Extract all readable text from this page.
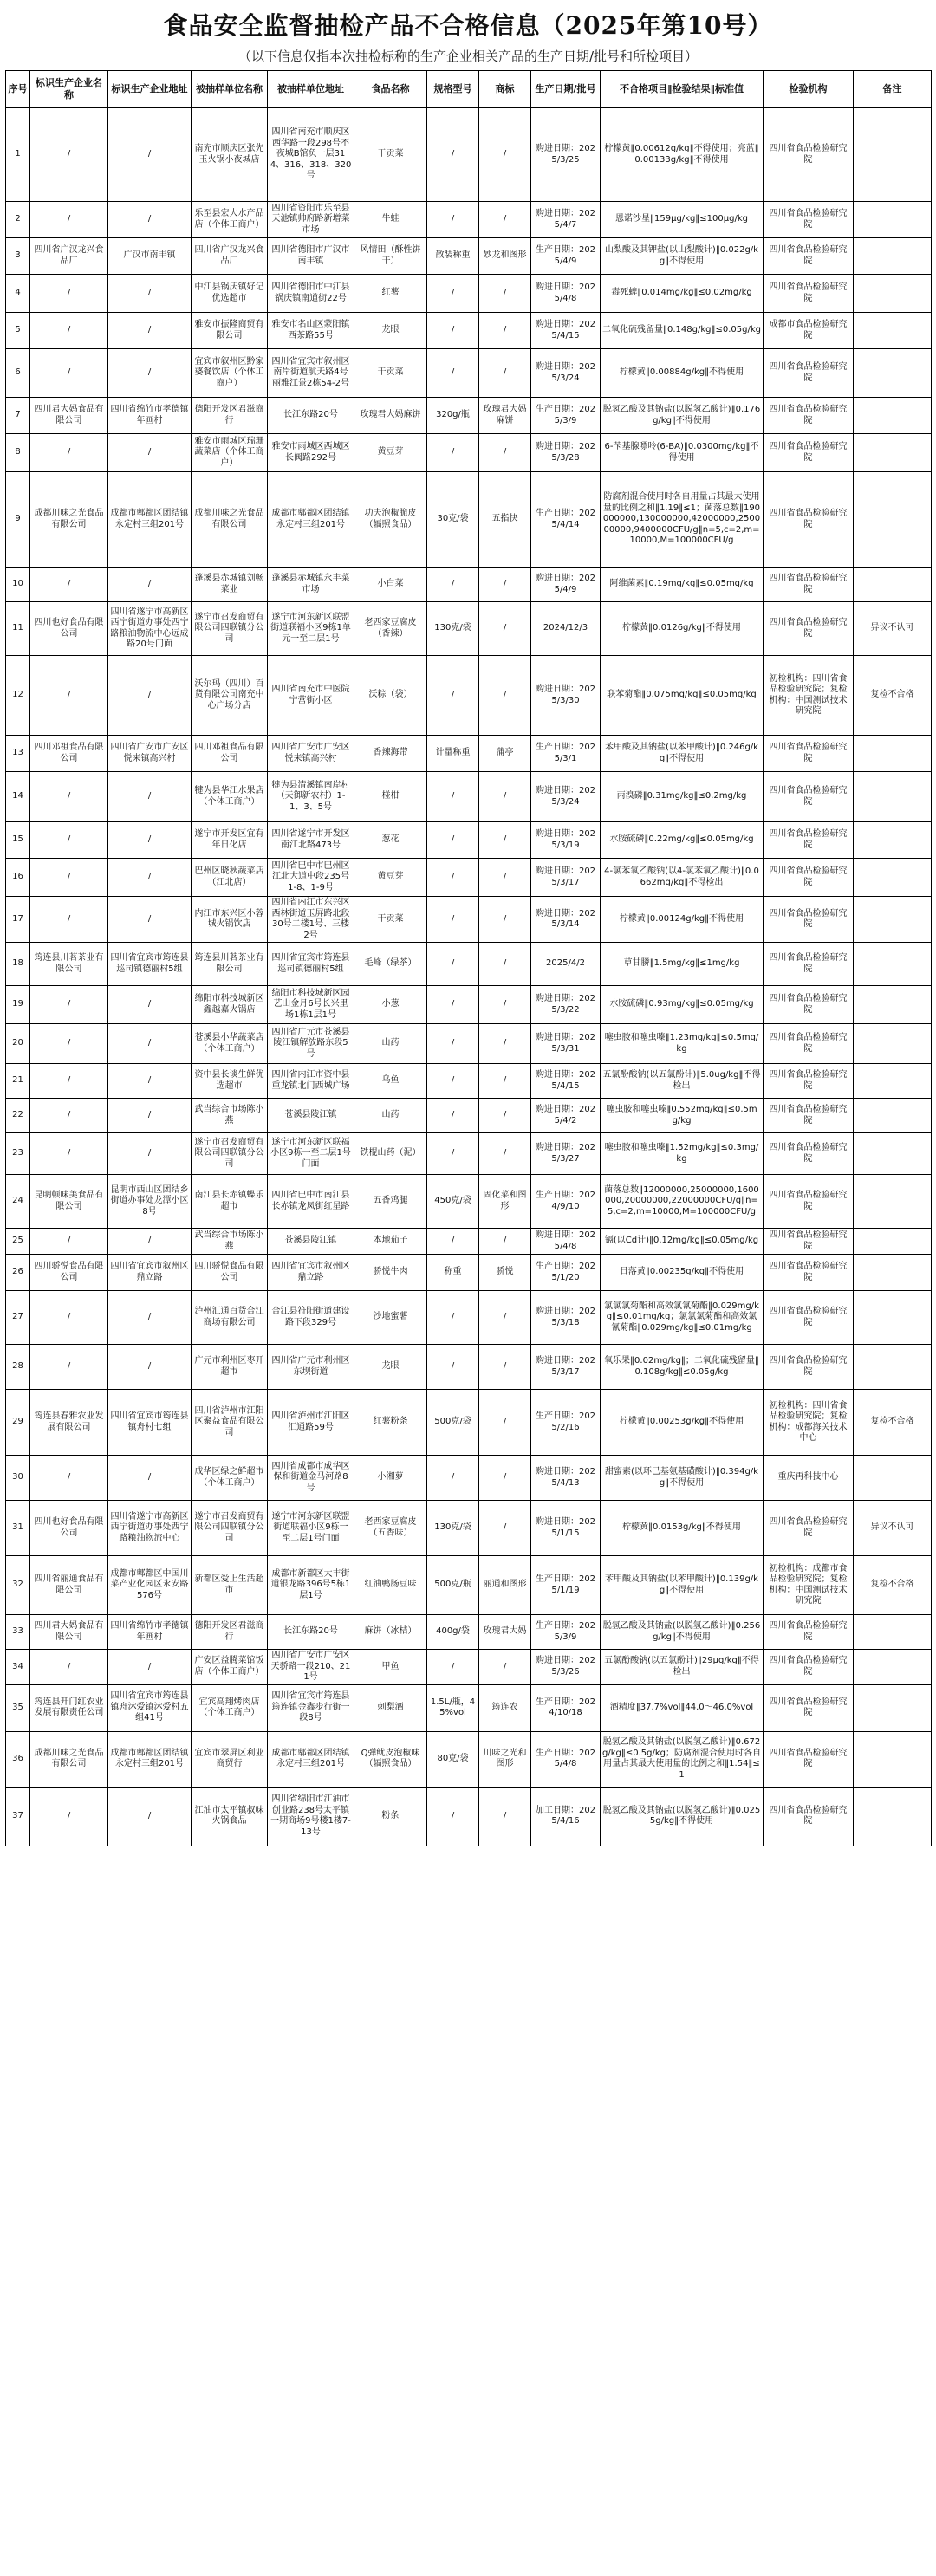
食品安全监督抽检产品不合格信息（2025年第10号）
（以下信息仅指本次抽检标称的生产企业相关产品的生产日期/批号和所检项目）
序号	标识生产企业名称	标识生产企业地址	被抽样单位名称	被抽样单位地址	食品名称	规格型号	商标	生产日期/批号	不合格项目‖检验结果‖标准值	检验机构	备注
1	/	/	南充市顺庆区张先玉火锅小夜城店	四川省南充市顺庆区西华路一段298号不夜城B馆负一层314、316、318、320号	干贡菜	/	/	购进日期：2025/3/25	柠檬黄‖0.00612g/kg‖不得使用；亮蓝‖0.00133g/kg‖不得使用	四川省食品检验研究院	
2	/	/	乐至县宏大水产品店（个体工商户）	四川省资阳市乐至县天池镇帅府路新增菜市场	牛蛙	/	/	购进日期：2025/4/7	恩诺沙星‖159μg/kg‖≤100μg/kg	四川省食品检验研究院	
3	四川省广汉龙兴食品厂	广汉市南丰镇	四川省广汉龙兴食品厂	四川省德阳市广汉市南丰镇	风情田（酥性饼干）	散装称重	妙龙和图形	生产日期：2025/4/9	山梨酸及其钾盐(以山梨酸计)‖0.022g/kg‖不得使用	四川省食品检验研究院	
4	/	/	中江县锅庆镇好记优选超市	四川省德阳市中江县锅庆镇南道街22号	红薯	/	/	购进日期：2025/4/8	毒死蜱‖0.014mg/kg‖≤0.02mg/kg	四川省食品检验研究院	
5	/	/	雅安市振隆商贸有限公司	雅安市名山区蒙阳镇西茶路55号	龙眼	/	/	购进日期：2025/4/15	二氧化硫残留量‖0.148g/kg‖≤0.05g/kg	成都市食品检验研究院	
6	/	/	宜宾市叙州区黔家婆餐饮店（个体工商户）	四川省宜宾市叙州区南岸街道航天路4号丽雅江景2栋54-2号	干贡菜	/	/	购进日期：2025/3/24	柠檬黄‖0.00884g/kg‖不得使用	四川省食品检验研究院	
7	四川君大妈食品有限公司	四川省绵竹市孝德镇年画村	德阳开发区君滋商行	长江东路20号	玫瑰君大妈麻饼	320g/瓶	玫瑰君大妈麻饼	生产日期：2025/3/9	脱氢乙酸及其钠盐(以脱氢乙酸计)‖0.176g/kg‖不得使用	四川省食品检验研究院	
8	/	/	雅安市雨城区瑞珊蔬菜店（个体工商户）	雅安市雨城区西城区长阀路292号	黄豆芽	/	/	购进日期：2025/3/28	6-苄基腺嘌呤(6-BA)‖0.0300mg/kg‖不得使用	四川省食品检验研究院	
9	成都川味之光食品有限公司	成都市郫都区团结镇永定村三组201号	成都川味之光食品有限公司	成都市郫都区团结镇永定村三组201号	功夫泡椒脆皮（辐照食品）	30克/袋	五指快	生产日期：2025/4/14	防腐剂混合使用时各自用量占其最大使用量的比例之和‖1.19‖≤1；菌落总数‖190000000,130000000,42000000,250000000,9400000CFU/g‖n=5,c=2,m=10000,M=100000CFU/g	四川省食品检验研究院	
10	/	/	蓬溪县赤城镇刘畅菜业	蓬溪县赤城镇永丰菜市场	小白菜	/	/	购进日期：2025/4/9	阿维菌素‖0.19mg/kg‖≤0.05mg/kg	四川省食品检验研究院	
11	四川也好食品有限公司	四川省遂宁市高新区西宁街道办事处西宁路粮油物流中心远成路20号门面	遂宁市召发商贸有限公司四联镇分公司	遂宁市河东新区联盟街道联福小区9栋1单元一至二层1号	老西家豆腐皮（香辣）	130克/袋	/	2024/12/3	柠檬黄‖0.0126g/kg‖不得使用	四川省食品检验研究院	异议不认可
12	/	/	沃尔玛（四川）百货有限公司南充中心广场分店	四川省南充市中医院宁营街小区	沃粽（袋）	/	/	购进日期：2025/3/30	联苯菊酯‖0.075mg/kg‖≤0.05mg/kg	初检机构：四川省食品检验研究院；复检机构：中国测试技术研究院	复检不合格
13	四川邓祖食品有限公司	四川省广安市广安区悦来镇高兴村	四川邓祖食品有限公司	四川省广安市广安区悦来镇高兴村	香辣海带	计量称重	蒲亭	生产日期：2025/3/1	苯甲酸及其钠盐(以苯甲酸计)‖0.246g/kg‖不得使用	四川省食品检验研究院	
14	/	/	犍为县华江水果店（个体工商户）	犍为县清溪镇南岸村（天御新农村）1-1、3、5号	椪柑	/	/	购进日期：2025/3/24	丙溴磷‖0.31mg/kg‖≤0.2mg/kg	四川省食品检验研究院	
15	/	/	遂宁市开发区宜有年日化店	四川省遂宁市开发区南江北路473号	葱花	/	/	购进日期：2025/3/19	水胺硫磷‖0.22mg/kg‖≤0.05mg/kg	四川省食品检验研究院	
16	/	/	巴州区晓秋蔬菜店（江北店）	四川省巴中市巴州区江北大道中段235号1-8、1-9号	黄豆芽	/	/	购进日期：2025/3/17	4-氯苯氧乙酸钠(以4-氯苯氧乙酸计)‖0.0662mg/kg‖不得检出	四川省食品检验研究院	
17	/	/	内江市东兴区小蓉城火锅饮店	四川省内江市东兴区西林街道玉屏路北段30号二楼1号、三楼2号	干贡菜	/	/	购进日期：2025/3/14	柠檬黄‖0.00124g/kg‖不得使用	四川省食品检验研究院	
18	筠连县川茗茶业有限公司	四川省宜宾市筠连县巡司镇德丽村5组	筠连县川茗茶业有限公司	四川省宜宾市筠连县巡司镇德丽村5组	毛峰（绿茶）	/	/	2025/4/2	草甘膦‖1.5mg/kg‖≤1mg/kg	四川省食品检验研究院	
19	/	/	绵阳市科技城新区鑫越嘉火锅店	绵阳市科技城新区园艺山金月6号长兴里场1栋1层1号	小葱	/	/	购进日期：2025/3/22	水胺硫磷‖0.93mg/kg‖≤0.05mg/kg	四川省食品检验研究院	
20	/	/	苍溪县小华蔬菜店（个体工商户）	四川省广元市苍溪县陵江镇解放路东段5号	山药	/	/	购进日期：2025/3/31	噻虫胺和噻虫嗪‖1.23mg/kg‖≤0.5mg/kg	四川省食品检验研究院	
21	/	/	资中县长谈生鲜优选超市	四川省内江市资中县重龙镇北门西城广场	乌鱼	/	/	购进日期：2025/4/15	五氯酚酸钠(以五氯酚计)‖5.0ug/kg‖不得检出	四川省食品检验研究院	
22	/	/	武当综合市场陈小燕	苍溪县陵江镇	山药	/	/	购进日期：2025/4/2	噻虫胺和噻虫嗪‖0.552mg/kg‖≤0.5mg/kg	四川省食品检验研究院	
23	/	/	遂宁市召发商贸有限公司四联镇分公司	遂宁市河东新区联福小区9栋一至二层1号门面	铁棍山药（泥）	/	/	购进日期：2025/3/27	噻虫胺和噻虫嗪‖1.52mg/kg‖≤0.3mg/kg	四川省食品检验研究院	
24	昆明顿味美食品有限公司	昆明市西山区团结乡街道办事处龙潭小区8号	南江县长赤镇蝶乐超市	四川省巴中市南江县长赤镇龙凤街红星路	五香鸡腿	450克/袋	固化菜和图形	生产日期：2024/9/10	菌落总数‖12000000,25000000,1600000,20000000,22000000CFU/g‖n=5,c=2,m=10000,M=100000CFU/g	四川省食品检验研究院	
25	/	/	武当综合市场陈小燕	苍溪县陵江镇	本地茄子	/	/	购进日期：2025/4/8	镉(以Cd计)‖0.12mg/kg‖≤0.05mg/kg	四川省食品检验研究院	
26	四川骄悦食品有限公司	四川省宜宾市叙州区鼎立路	四川骄悦食品有限公司	四川省宜宾市叙州区鼎立路	骄悦牛肉	称重	骄悦	生产日期：2025/1/20	日落黄‖0.00235g/kg‖不得使用	四川省食品检验研究院	
27	/	/	泸州汇通百货合江商场有限公司	合江县符阳街道建设路下段329号	沙地蜜薯	/	/	购进日期：2025/3/18	氯氯氯菊酯和高效氯氰菊酯‖0.029mg/kg‖≤0.01mg/kg；氯氯氯菊酯和高效氯氰菊酯‖0.029mg/kg‖≤0.01mg/kg	四川省食品检验研究院	
28	/	/	广元市利州区枣开超市	四川省广元市利州区东坝街道	龙眼	/	/	购进日期：2025/3/17	氧乐果‖0.02mg/kg‖；二氧化硫残留量‖0.108g/kg‖≤0.05g/kg	四川省食品检验研究院	
29	筠连县春雅农业发展有限公司	四川省宜宾市筠连县镇舟村七组	四川省泸州市江阳区聚益食品有限公司	四川省泸州市江阳区汇通路59号	红薯粉条	500克/袋	/	生产日期：2025/2/16	柠檬黄‖0.00253g/kg‖不得使用	初检机构：四川省食品检验研究院；复检机构：成都海关技术中心	复检不合格
30	/	/	成华区绿之鲜超市（个体工商户）	四川省成都市成华区保和街道金马河路8号	小湘萝	/	/	购进日期：2025/4/13	甜蜜素(以环己基氨基磺酸计)‖0.394g/kg‖不得使用	重庆再科技中心	
31	四川也好食品有限公司	四川省遂宁市高新区西宁街道办事处西宁路粮油物流中心	遂宁市召发商贸有限公司四联镇分公司	遂宁市河东新区联盟街道联福小区9栋一至二层1号门面	老西家豆腐皮（五香味）	130克/袋	/	购进日期：2025/1/15	柠檬黄‖0.0153g/kg‖不得使用	四川省食品检验研究院	异议不认可
32	四川省丽通食品有限公司	成都市郫都区中国川菜产业化园区永安路576号	新都区爱上生活超市	成都市新都区大丰街道银龙路396号5栋1层1号	红油鸭肠豆味	500克/瓶	丽通和图形	生产日期：2025/1/19	苯甲酸及其钠盐(以苯甲酸计)‖0.139g/kg‖不得使用	初检机构：成都市食品检验研究院；复检机构：中国测试技术研究院	复检不合格
33	四川君大妈食品有限公司	四川省绵竹市孝德镇年画村	德阳开发区君滋商行	长江东路20号	麻饼（冰桔）	400g/袋	玫瑰君大妈	生产日期：2025/3/9	脱氢乙酸及其钠盐(以脱氢乙酸计)‖0.256g/kg‖不得使用	四川省食品检验研究院	
34	/	/	广安区益腾菜馆饭店（个体工商户）	四川省广安市广安区天骄路一段210、211号	甲鱼	/	/	购进日期：2025/3/26	五氯酚酸钠(以五氯酚计)‖29μg/kg‖不得检出	四川省食品检验研究院	
35	筠连县开门红农业发展有限责任公司	四川省宜宾市筠连县镇舟沐爱镇沐爱村五组41号	宜宾高翔烤肉店（个体工商户）	四川省宜宾市筠连县筠连镇金鑫步行街一段8号	刺梨酒	1.5L/瓶，45%vol	筠连农	生产日期：2024/10/18	酒精度‖37.7%vol‖44.0～46.0%vol	四川省食品检验研究院	
36	成都川味之光食品有限公司	成都市郫都区团结镇永定村三组201号	宜宾市翠屏区利业商贸行	成都市郫都区团结镇永定村三组201号	Q弹鱿皮泡椒味（辐照食品）	80克/袋	川味之光和图形	生产日期：2025/4/8	脱氢乙酸及其钠盐(以脱氢乙酸计)‖0.672g/kg‖≤0.5g/kg；防腐剂混合使用时各自用量占其最大使用量的比例之和‖1.54‖≤1	四川省食品检验研究院	
37	/	/	江油市太平镇叔味火锅食品	四川省绵阳市江油市创业路238号太平镇一期商场9号楼1楼7-13号	粉条	/	/	加工日期：2025/4/16	脱氢乙酸及其钠盐(以脱氢乙酸计)‖0.0255g/kg‖不得使用	四川省食品检验研究院	
